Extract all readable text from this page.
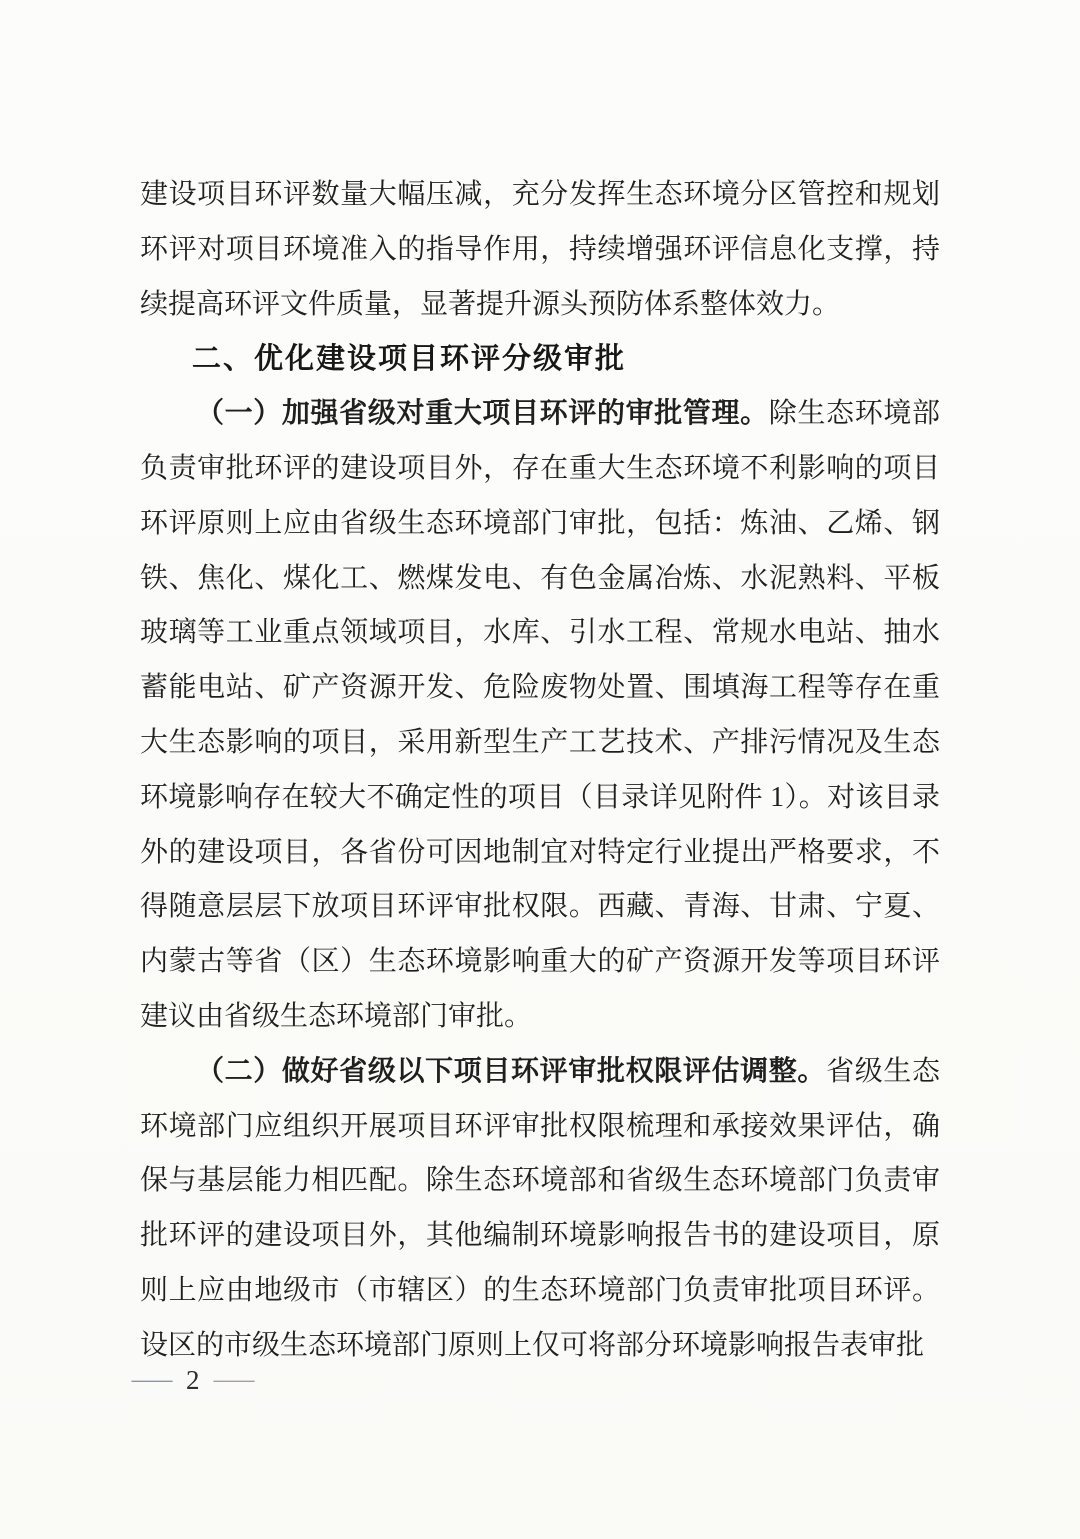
建设项目环评数量大幅压减，充分发挥生态环境分区管控和规划环评对项目环境准入的指导作用，持续增强环评信息化支撑，持续提高环评文件质量，显著提升源头预防体系整体效力。

二、优化建设项目环评分级审批

（一）加强省级对重大项目环评的审批管理。除生态环境部负责审批环评的建设项目外，存在重大生态环境不利影响的项目环评原则上应由省级生态环境部门审批，包括：炼油、乙烯、钢铁、焦化、煤化工、燃煤发电、有色金属冶炼、水泥熟料、平板玻璃等工业重点领域项目，水库、引水工程、常规水电站、抽水蓄能电站、矿产资源开发、危险废物处置、围填海工程等存在重大生态影响的项目，采用新型生产工艺技术、产排污情况及生态环境影响存在较大不确定性的项目（目录详见附件 1）。对该目录外的建设项目，各省份可因地制宜对特定行业提出严格要求，不得随意层层下放项目环评审批权限。西藏、青海、甘肃、宁夏、内蒙古等省（区）生态环境影响重大的矿产资源开发等项目环评建议由省级生态环境部门审批。

（二）做好省级以下项目环评审批权限评估调整。省级生态环境部门应组织开展项目环评审批权限梳理和承接效果评估，确保与基层能力相匹配。除生态环境部和省级生态环境部门负责审批环评的建设项目外，其他编制环境影响报告书的建设项目，原则上应由地级市（市辖区）的生态环境部门负责审批项目环评。设区的市级生态环境部门原则上仅可将部分环境影响报告表审批

— 2 —
